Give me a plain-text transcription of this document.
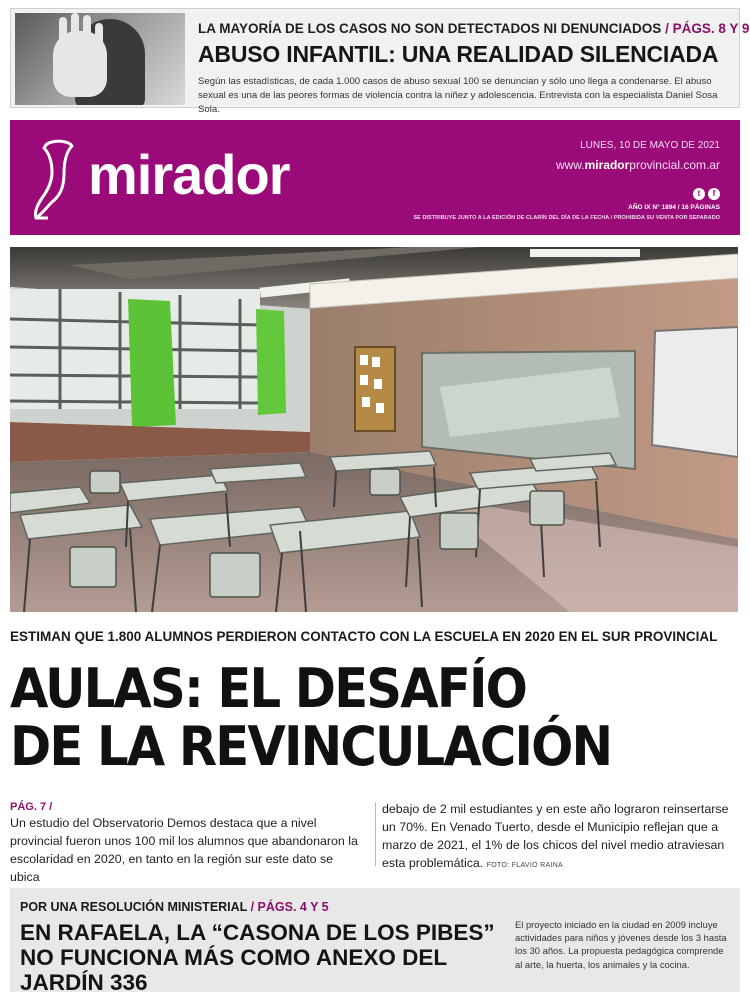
LA MAYORÍA DE LOS CASOS NO SON DETECTADOS NI DENUNCIADOS / PÁGS. 8 Y 9
ABUSO INFANTIL: UNA REALIDAD SILENCIADA
Según las estadísticas, de cada 1.000 casos de abuso sexual 100 se denuncian y sólo uno llega a condenarse. El abuso sexual es una de las peores formas de violencia contra la niñez y adolescencia. Entrevista con la especialista Daniel Sosa Sola.
mirador	LUNES, 10 DE MAYO DE 2021
www.miradorprovincial.com.ar
t	f
AÑO IX N° 1894 / 16 PÁGINAS
SE DISTRIBUYE JUNTO A LA EDICIÓN DE CLARÍN DEL DÍA DE LA FECHA / PROHIBIDA SU VENTA POR SEPARADO
ESTIMAN QUE 1.800 ALUMNOS PERDIERON CONTACTO CON LA ESCUELA EN 2020 EN EL SUR PROVINCIAL
AULAS: EL DESAFÍO
DE LA REVINCULACIÓN
PÁG. 7 /
Un estudio del Observatorio Demos destaca que a nivel provincial fueron unos 100 mil los alumnos que abandonaron la escolaridad en 2020, en tanto en la región sur este dato se ubica
debajo de 2 mil estudiantes y en este año lograron reinsertarse un 70%. En Venado Tuerto, desde el Municipio reflejan que a marzo de 2021, el 1% de los chicos del nivel medio atraviesan esta problemática. FOTO: FLAVIO RAINA
POR UNA RESOLUCIÓN MINISTERIAL / PÁGS. 4 Y 5
EN RAFAELA, LA “CASONA DE LOS PIBES” NO FUNCIONA MÁS COMO ANEXO DEL JARDÍN 336
El proyecto iniciado en la ciudad en 2009 incluye actividades para niños y jóvenes desde los 3 hasta los 30 años. La propuesta pedagógica comprende al arte, la huerta, los animales y la cocina.
